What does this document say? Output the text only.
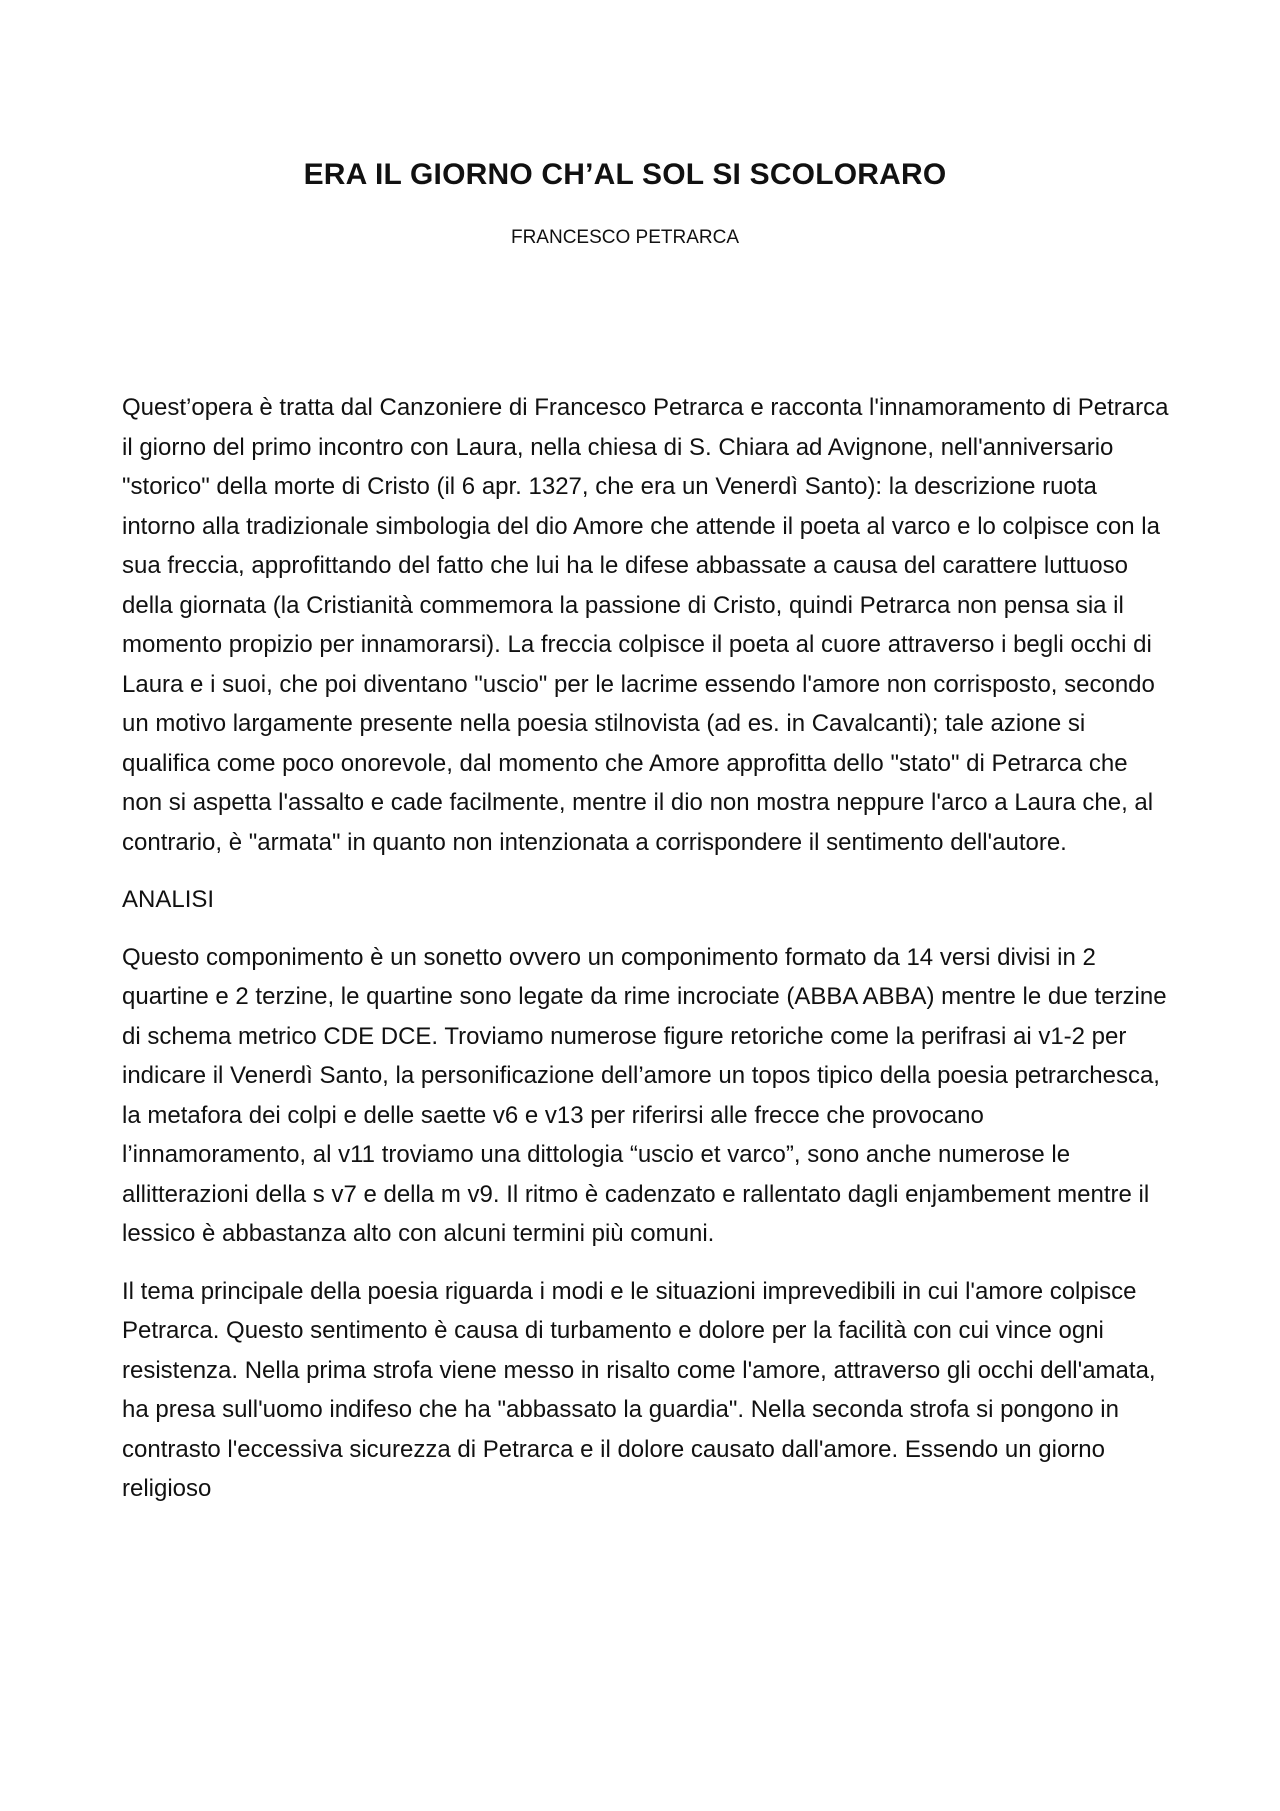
ERA IL GIORNO CH’AL SOL SI SCOLORARO
FRANCESCO PETRARCA

Quest’opera è tratta dal Canzoniere di Francesco Petrarca e racconta l'innamoramento di Petrarca il giorno del primo incontro con Laura, nella chiesa di S. Chiara ad Avignone, nell'anniversario "storico" della morte di Cristo (il 6 apr. 1327, che era un Venerdì Santo): la descrizione ruota intorno alla tradizionale simbologia del dio Amore che attende il poeta al varco e lo colpisce con la sua freccia, approfittando del fatto che lui ha le difese abbassate a causa del carattere luttuoso della giornata (la Cristianità commemora la passione di Cristo, quindi Petrarca non pensa sia il momento propizio per innamorarsi). La freccia colpisce il poeta al cuore attraverso i begli occhi di Laura e i suoi, che poi diventano "uscio" per le lacrime essendo l'amore non corrisposto, secondo un motivo largamente presente nella poesia stilnovista (ad es. in Cavalcanti); tale azione si qualifica come poco onorevole, dal momento che Amore approfitta dello "stato" di Petrarca che non si aspetta l'assalto e cade facilmente, mentre il dio non mostra neppure l'arco a Laura che, al contrario, è "armata" in quanto non intenzionata a corrispondere il sentimento dell'autore.

ANALISI

Questo componimento è un sonetto ovvero un componimento formato da 14 versi divisi in 2 quartine e 2 terzine, le quartine sono legate da rime incrociate (ABBA ABBA) mentre le due terzine di schema metrico CDE DCE. Troviamo numerose figure retoriche come la perifrasi ai v1-2 per indicare il Venerdì Santo, la personificazione dell’amore un topos tipico della poesia petrarchesca, la metafora dei colpi e delle saette v6 e v13 per riferirsi alle frecce che provocano l’innamoramento, al v11 troviamo una dittologia “uscio et varco”, sono anche numerose le allitterazioni della s v7 e della m v9. Il ritmo è cadenzato e rallentato dagli enjambement mentre il lessico è abbastanza alto con alcuni termini più comuni.

Il tema principale della poesia riguarda i modi e le situazioni imprevedibili in cui l'amore colpisce Petrarca. Questo sentimento è causa di turbamento e dolore per la facilità con cui vince ogni resistenza. Nella prima strofa viene messo in risalto come l'amore, attraverso gli occhi dell'amata, ha presa sull'uomo indifeso che ha "abbassato la guardia". Nella seconda strofa si pongono in contrasto l'eccessiva sicurezza di Petrarca e il dolore causato dall'amore. Essendo un giorno religioso
